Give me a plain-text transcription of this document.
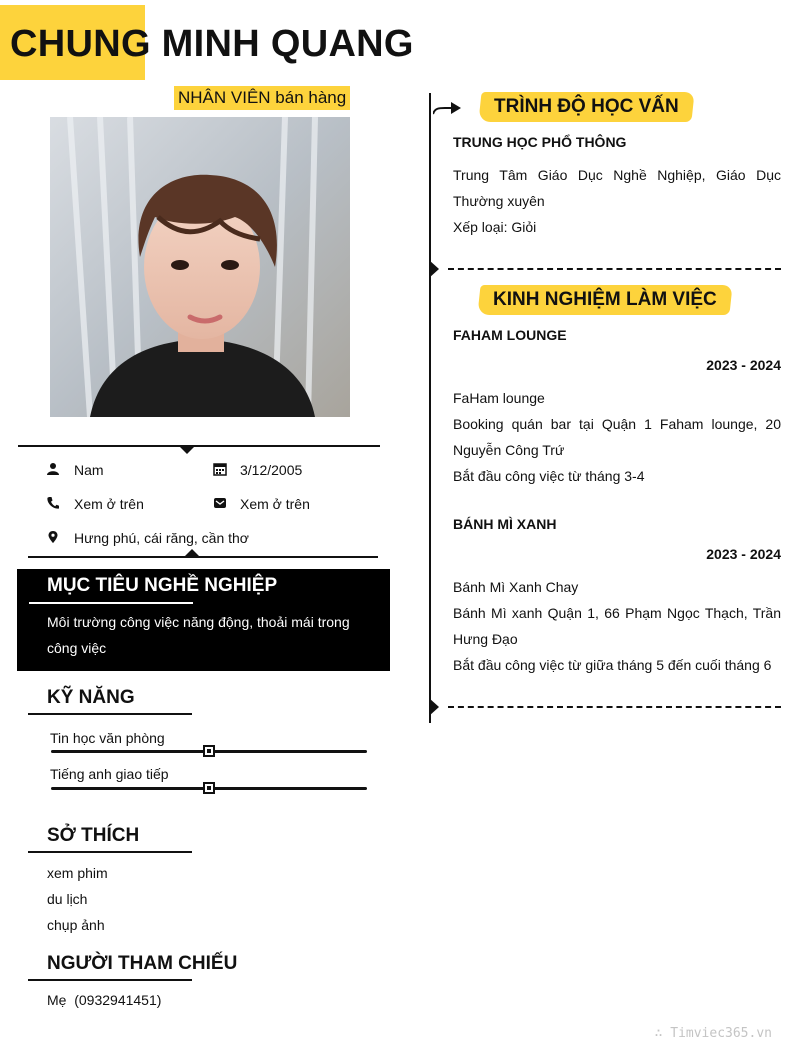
CHUNG MINH QUANG
NHÂN VIÊN bán hàng
Nam	3/12/2005
Xem ở trên	Xem ở trên
Hưng phú, cái răng, cần thơ
MỤC TIÊU NGHỀ NGHIỆP
Môi trường công việc năng động, thoải mái trong công việc
KỸ NĂNG
Tin học văn phòng
Tiếng anh giao tiếp
SỞ THÍCH
xem phim
du lịch
chụp ảnh
NGƯỜI THAM CHIẾU
Mẹ  (0932941451)
TRÌNH ĐỘ HỌC VẤN
TRUNG HỌC PHỔ THÔNG
Trung Tâm Giáo Dục Nghề Nghiệp, Giáo Dục Thường xuyên
Xếp loại: Giỏi
KINH NGHIỆM LÀM VIỆC
FAHAM LOUNGE
2023 - 2024
FaHam lounge
Booking quán bar tại Quận 1 Faham lounge, 20 Nguyễn Công Trứ
Bắt đầu công việc từ tháng 3-4
BÁNH MÌ XANH
2023 - 2024
Bánh Mì Xanh Chay
Bánh Mì xanh Quận 1, 66 Phạm Ngọc Thạch, Trần Hưng Đạo
Bắt đầu công việc từ giữa tháng 5 đến cuối tháng 6
∴ Timviec365.vn
